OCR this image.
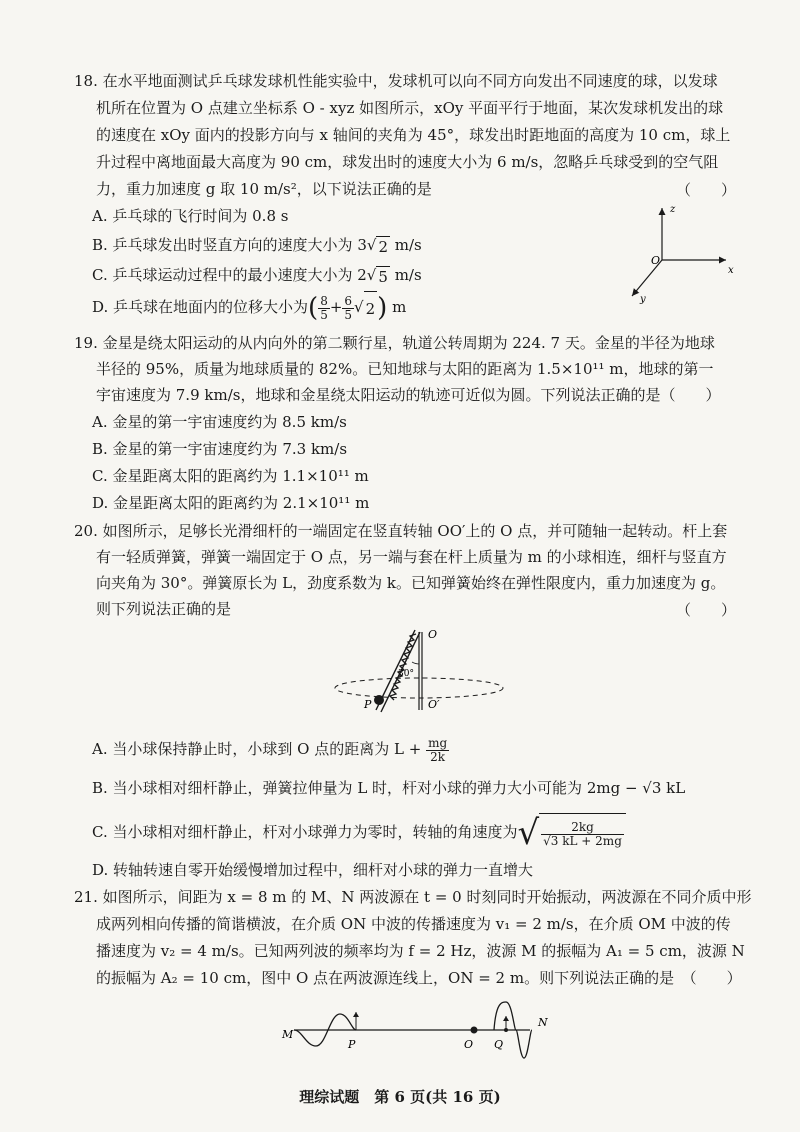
18. 在水平地面测试乒乓球发球机性能实验中，发球机可以向不同方向发出不同速度的球，以发球
机所在位置为 O 点建立坐标系 O - xyz 如图所示，xOy 平面平行于地面，某次发球机发出的球
的速度在 xOy 面内的投影方向与 x 轴间的夹角为 45°，球发出时距地面的高度为 10 cm，球上
升过程中离地面最大高度为 90 cm，球发出时的速度大小为 6 m/s，忽略乒乓球受到的空气阻
力，重力加速度 g 取 10 m/s²，以下说法正确的是	（　　）
A. 乒乓球的飞行时间为 0.8 s
B. 乒乓球发出时竖直方向的速度大小为 3√ 2 m/s
C. 乒乓球运动过程中的最小速度大小为 2√ 5 m/s
D. 乒乓球在地面内的位移大小为( $\frac{8}{5} + \frac{6}{5}$ √ 2) m
z
O
x
y
19. 金星是绕太阳运动的从内向外的第二颗行星，轨道公转周期为 224. 7 天。金星的半径为地球
半径的 95%，质量为地球质量的 82%。已知地球与太阳的距离为 1.5×10¹¹ m，地球的第一
宇宙速度为 7.9 km/s，地球和金星绕太阳运动的轨迹可近似为圆。下列说法正确的是（　　）
A. 金星的第一宇宙速度约为 8.5 km/s
B. 金星的第一宇宙速度约为 7.3 km/s
C. 金星距离太阳的距离约为 1.1×10¹¹ m
D. 金星距离太阳的距离约为 2.1×10¹¹ m
20. 如图所示，足够长光滑细杆的一端固定在竖直转轴 OO′上的 O 点，并可随轴一起转动。杆上套
有一轻质弹簧，弹簧一端固定于 O 点，另一端与套在杆上质量为 m 的小球相连，细杆与竖直方
向夹角为 30°。弹簧原长为 L，劲度系数为 k。已知弹簧始终在弹性限度内，重力加速度为 g。
则下列说法正确的是	（　　）
O
O′
P
30°
A. 当小球保持静止时，小球到 O 点的距离为 $L + \frac{mg}{2k}$
B. 当小球相对细杆静止，弹簧拉伸量为 L 时，杆对小球的弹力大小可能为 2mg − √3 kL
C. 当小球相对细杆静止，杆对小球弹力为零时，转轴的角速度为√ $\frac{2kg}{√3 kL + 2mg}$
D. 转轴转速自零开始缓慢增加过程中，细杆对小球的弹力一直增大
21. 如图所示，间距为 x = 8 m 的 M、N 两波源在 t = 0 时刻同时开始振动，两波源在不同介质中形
成两列相向传播的简谐横波，在介质 ON 中波的传播速度为 v₁ = 2 m/s，在介质 OM 中波的传
播速度为 v₂ = 4 m/s。已知两列波的频率均为 f = 2 Hz，波源 M 的振幅为 A₁ = 5 cm，波源 N
的振幅为 A₂ = 10 cm，图中 O 点在两波源连线上，ON = 2 m。则下列说法正确的是　（　　）
M
P	O Q
N
理综试题　第 6 页(共 16 页)
